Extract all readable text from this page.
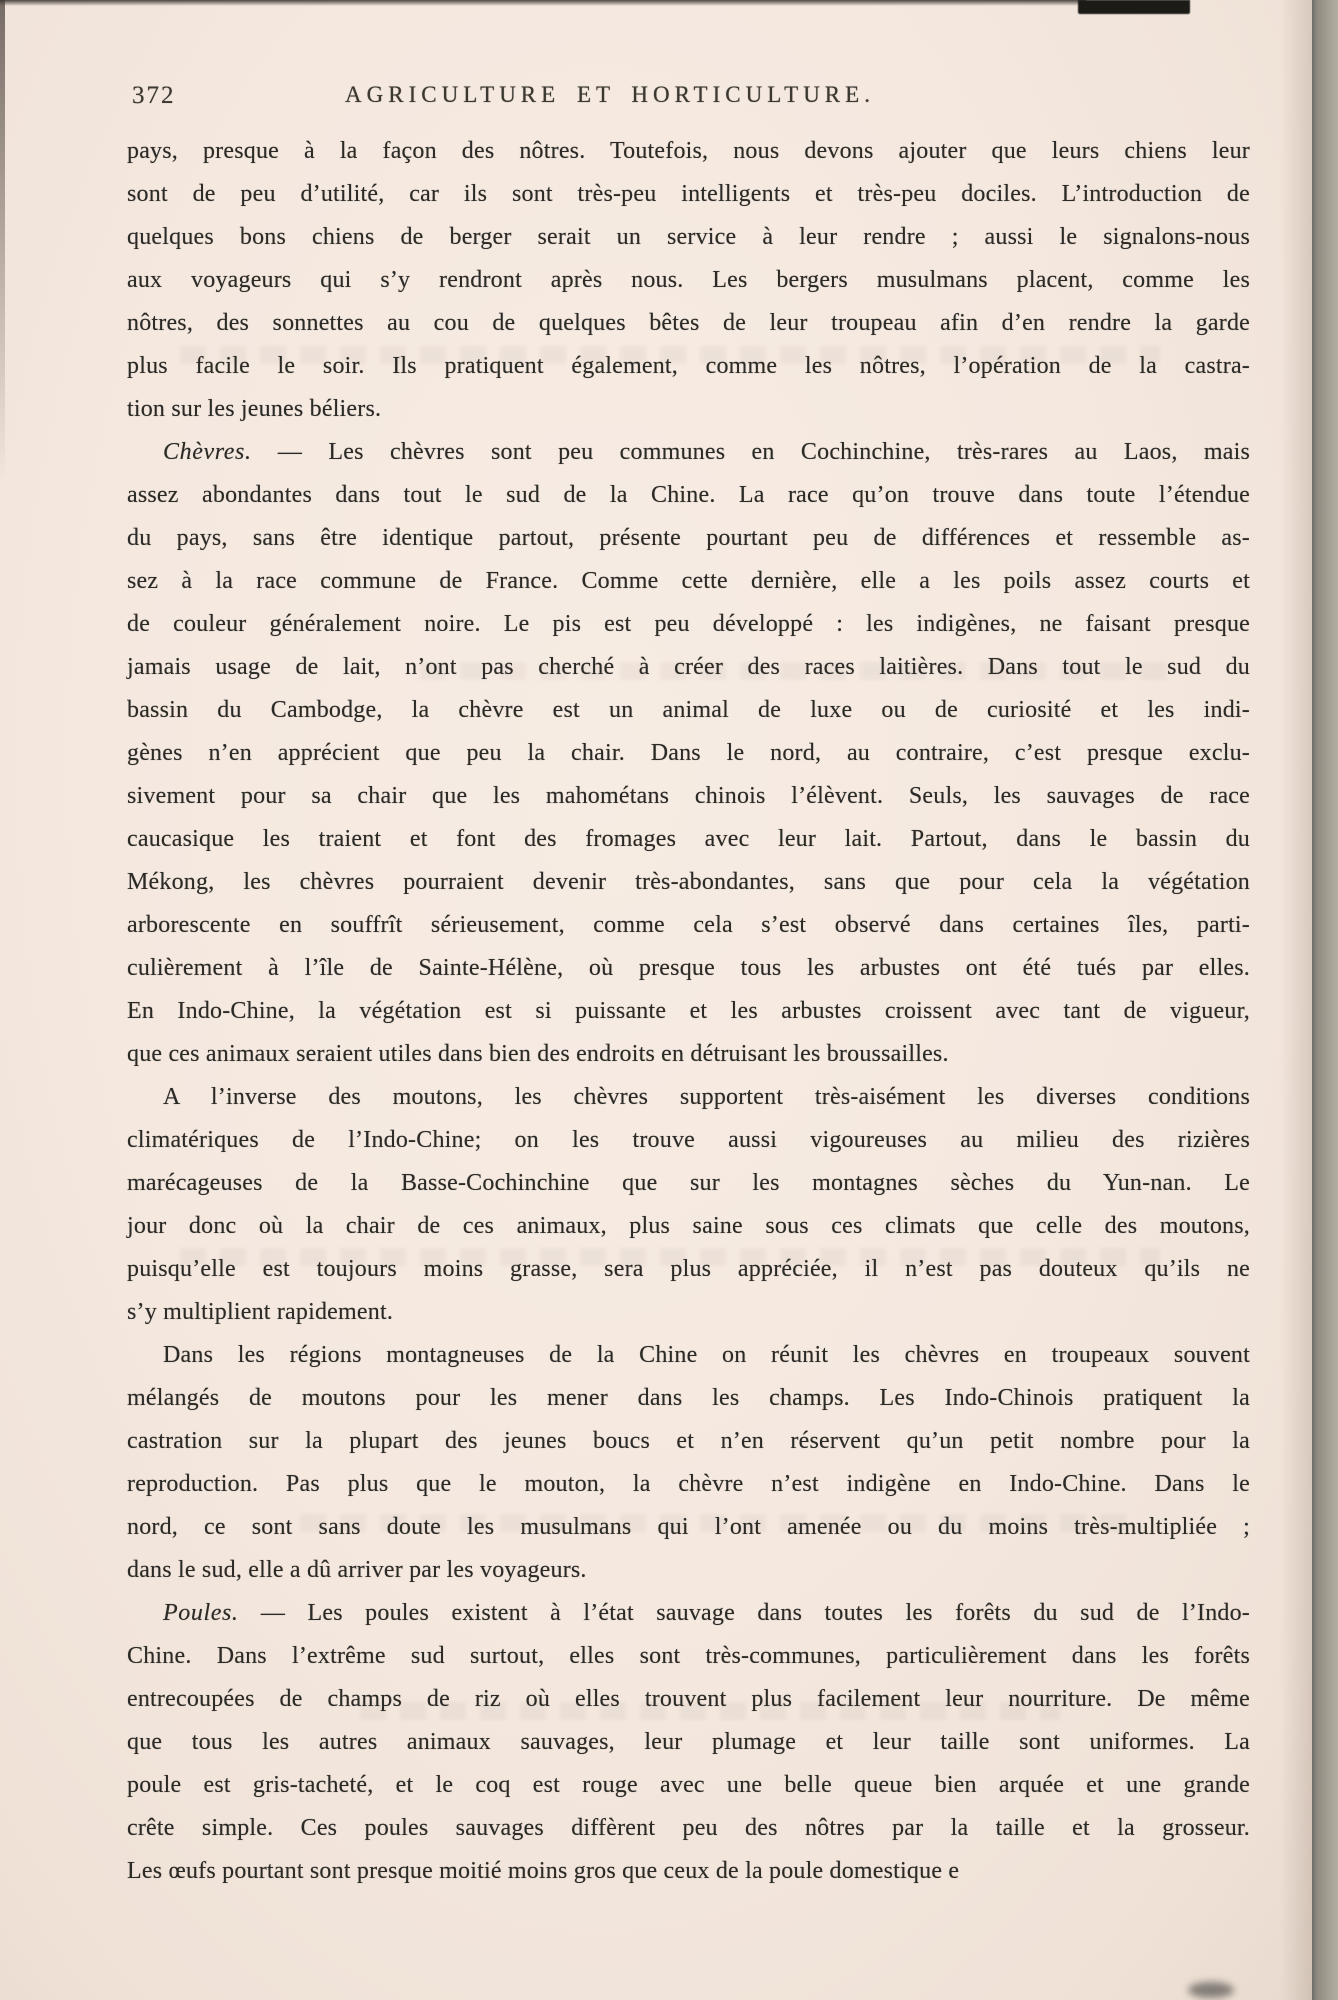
372	AGRICULTURE ET HORTICULTURE.
pays, presque à la façon des nôtres. Toutefois, nous devons ajouter que leurs chiens leur
sont de peu d’utilité, car ils sont très-peu intelligents et très-peu dociles. L’introduction de
quelques bons chiens de berger serait un service à leur rendre ; aussi le signalons-nous
aux voyageurs qui s’y rendront après nous. Les bergers musulmans placent, comme les
nôtres, des sonnettes au cou de quelques bêtes de leur troupeau afin d’en rendre la garde
plus facile le soir. Ils pratiquent également, comme les nôtres, l’opération de la castra-
tion sur les jeunes béliers.
Chèvres. — Les chèvres sont peu communes en Cochinchine, très-rares au Laos, mais
assez abondantes dans tout le sud de la Chine. La race qu’on trouve dans toute l’étendue
du pays, sans être identique partout, présente pourtant peu de différences et ressemble as-
sez à la race commune de France. Comme cette dernière, elle a les poils assez courts et
de couleur généralement noire. Le pis est peu développé : les indigènes, ne faisant presque
jamais usage de lait, n’ont pas cherché à créer des races laitières. Dans tout le sud du
bassin du Cambodge, la chèvre est un animal de luxe ou de curiosité et les indi-
gènes n’en apprécient que peu la chair. Dans le nord, au contraire, c’est presque exclu-
sivement pour sa chair que les mahométans chinois l’élèvent. Seuls, les sauvages de race
caucasique les traient et font des fromages avec leur lait. Partout, dans le bassin du
Mékong, les chèvres pourraient devenir très-abondantes, sans que pour cela la végétation
arborescente en souffrît sérieusement, comme cela s’est observé dans certaines îles, parti-
culièrement à l’île de Sainte-Hélène, où presque tous les arbustes ont été tués par elles.
En Indo-Chine, la végétation est si puissante et les arbustes croissent avec tant de vigueur,
que ces animaux seraient utiles dans bien des endroits en détruisant les broussailles.
A l’inverse des moutons, les chèvres supportent très-aisément les diverses conditions
climatériques de l’Indo-Chine; on les trouve aussi vigoureuses au milieu des rizières
marécageuses de la Basse-Cochinchine que sur les montagnes sèches du Yun-nan. Le
jour donc où la chair de ces animaux, plus saine sous ces climats que celle des moutons,
puisqu’elle est toujours moins grasse, sera plus appréciée, il n’est pas douteux qu’ils ne
s’y multiplient rapidement.
Dans les régions montagneuses de la Chine on réunit les chèvres en troupeaux souvent
mélangés de moutons pour les mener dans les champs. Les Indo-Chinois pratiquent la
castration sur la plupart des jeunes boucs et n’en réservent qu’un petit nombre pour la
reproduction. Pas plus que le mouton, la chèvre n’est indigène en Indo-Chine. Dans le
nord, ce sont sans doute les musulmans qui l’ont amenée ou du moins très-multipliée ;
dans le sud, elle a dû arriver par les voyageurs.
Poules. — Les poules existent à l’état sauvage dans toutes les forêts du sud de l’Indo-
Chine. Dans l’extrême sud surtout, elles sont très-communes, particulièrement dans les forêts
entrecoupées de champs de riz où elles trouvent plus facilement leur nourriture. De même
que tous les autres animaux sauvages, leur plumage et leur taille sont uniformes. La
poule est gris-tacheté, et le coq est rouge avec une belle queue bien arquée et une grande
crête simple. Ces poules sauvages diffèrent peu des nôtres par la taille et la grosseur.
Les œufs pourtant sont presque moitié moins gros que ceux de la poule domestique e
